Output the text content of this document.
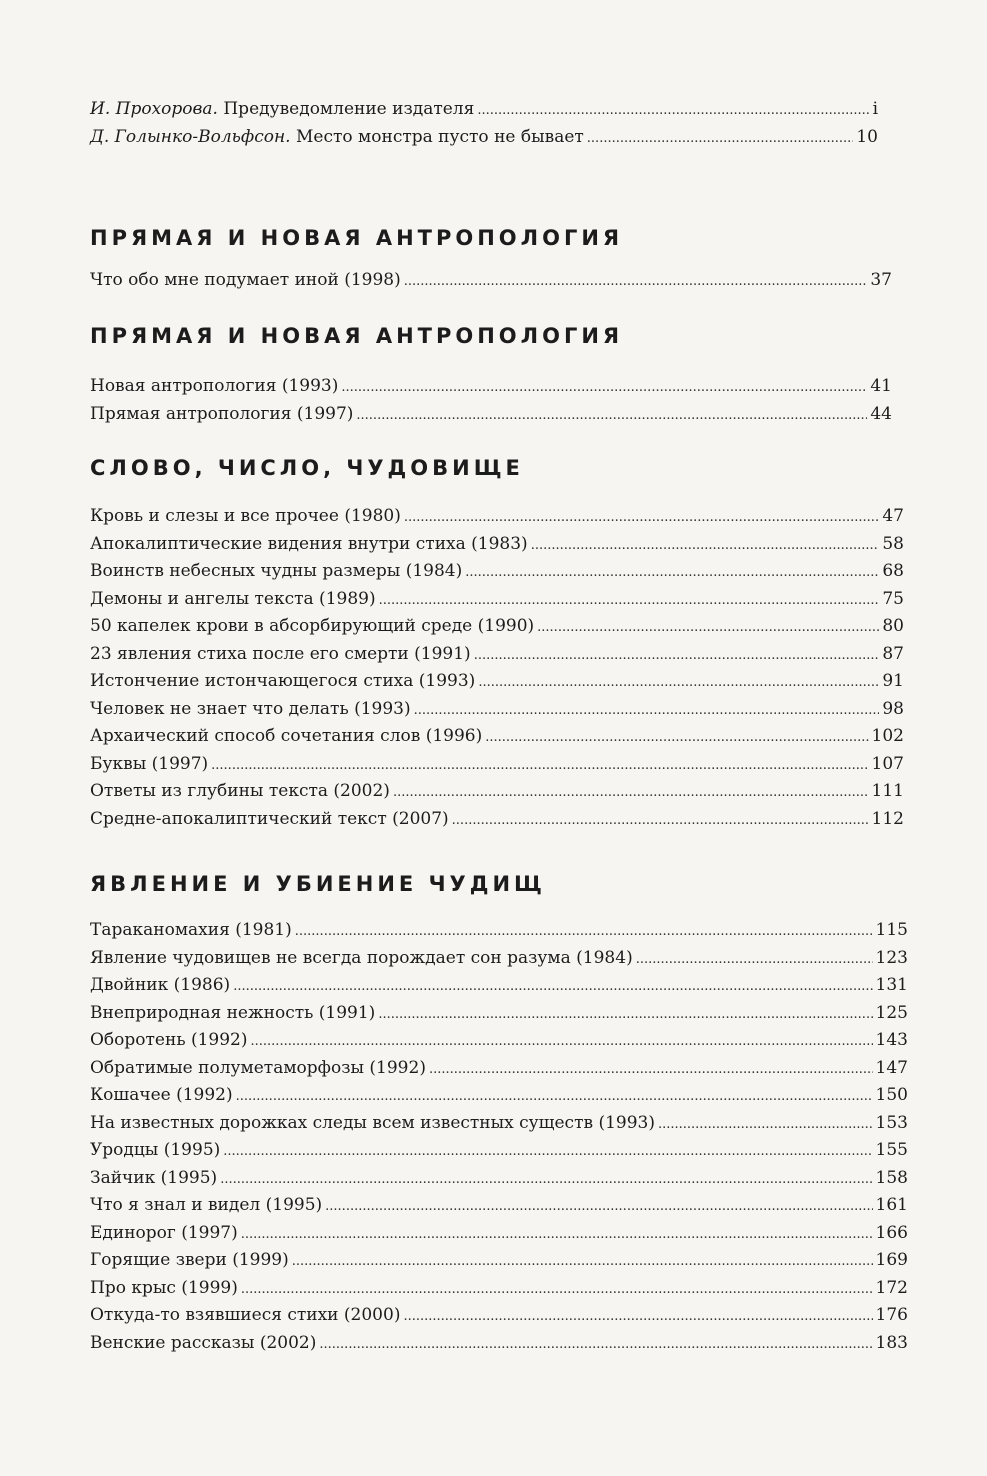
И. Прохорова. Предуведомление издателя .....	i
Д. Голынко-Вольфсон. Место монстра пусто не бывает .....	10
ПРЯМАЯ И НОВАЯ АНТРОПОЛОГИЯ
Что обо мне подумает иной (1998) .....	37
ПРЯМАЯ И НОВАЯ АНТРОПОЛОГИЯ
Новая антропология (1993) .....	41
Прямая антропология (1997) .....	44
СЛОВО, ЧИСЛО, ЧУДОВИЩЕ
Кровь и слезы и все прочее (1980) .....	47
Апокалиптические видения внутри стиха (1983) .....	58
Воинств небесных чудны размеры (1984) .....	68
Демоны и ангелы текста (1989) .....	75
50 капелек крови в абсорбирующий среде (1990) .....	80
23 явления стиха после его смерти (1991) .....	87
Истончение истончающегося стиха (1993) .....	91
Человек не знает что делать (1993) .....	98
Архаический способ сочетания слов (1996) .....	102
Буквы (1997) .....	107
Ответы из глубины текста (2002) .....	111
Средне-апокалиптический текст (2007) .....	112
ЯВЛЕНИЕ И УБИЕНИЕ ЧУДИЩ
Тараканомахия (1981) .....	115
Явление чудовищев не всегда порождает сон разума (1984) .....	123
Двойник (1986) .....	131
Внеприродная нежность (1991) .....	125
Оборотень (1992) .....	143
Обратимые полуметаморфозы (1992) .....	147
Кошачее (1992) .....	150
На известных дорожках следы всем известных существ (1993) .....	153
Уродцы (1995) .....	155
Зайчик (1995) .....	158
Что я знал и видел (1995) .....	161
Единорог (1997) .....	166
Горящие звери (1999) .....	169
Про крыс (1999) .....	172
Откуда-то взявшиеся стихи (2000) .....	176
Венские рассказы (2002) .....	183
